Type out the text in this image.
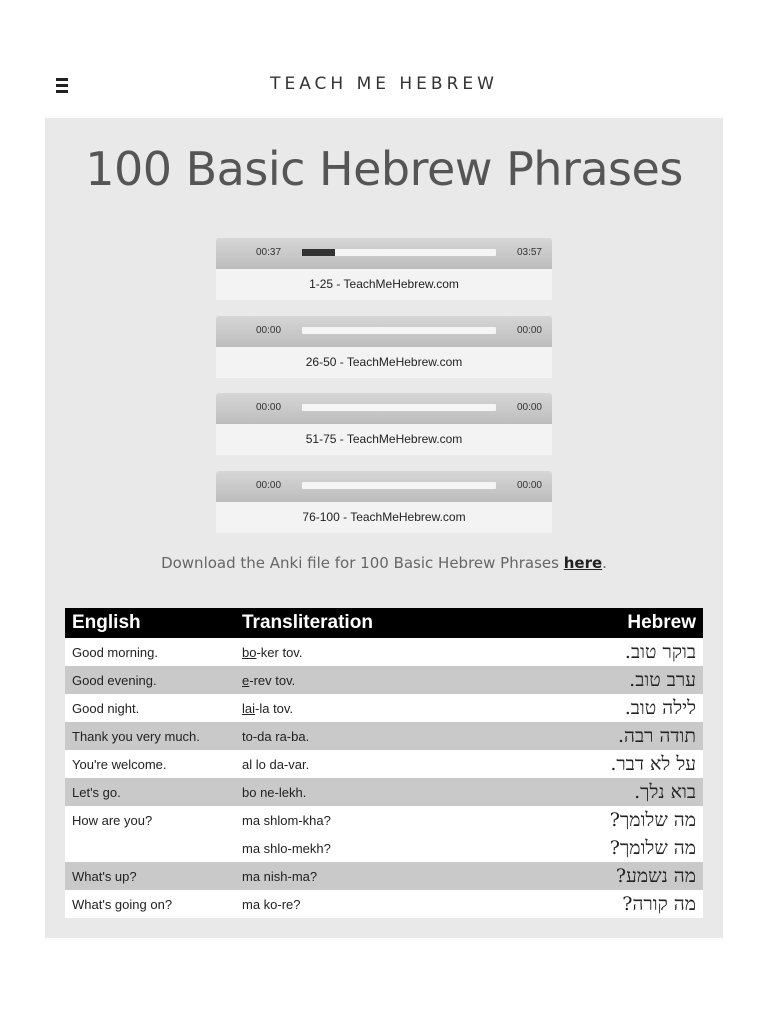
TEACH ME HEBREW
100 Basic Hebrew Phrases
00:37	03:57
1-25 - TeachMeHebrew.com
00:00	00:00
26-50 - TeachMeHebrew.com
00:00	00:00
51-75 - TeachMeHebrew.com
00:00	00:00
76-100 - TeachMeHebrew.com
Download the Anki file for 100 Basic Hebrew Phrases here.
English	Transliteration	Hebrew
Good morning.	bo-ker tov.	בוקר טוב.
Good evening.	e-rev tov.	ערב טוב.
Good night.	lai-la tov.	לילה טוב.
Thank you very much.	to-da ra-ba.	תודה רבה.
You're welcome.	al lo da-var.	על לא דבר.
Let's go.	bo ne-lekh.	בוא נלך.
How are you?	ma shlom-kha?	מה שלומך?
	ma shlo-mekh?	מה שלומך?
What's up?	ma nish-ma?	מה נשמע?
What's going on?	ma ko-re?	מה קורה?
